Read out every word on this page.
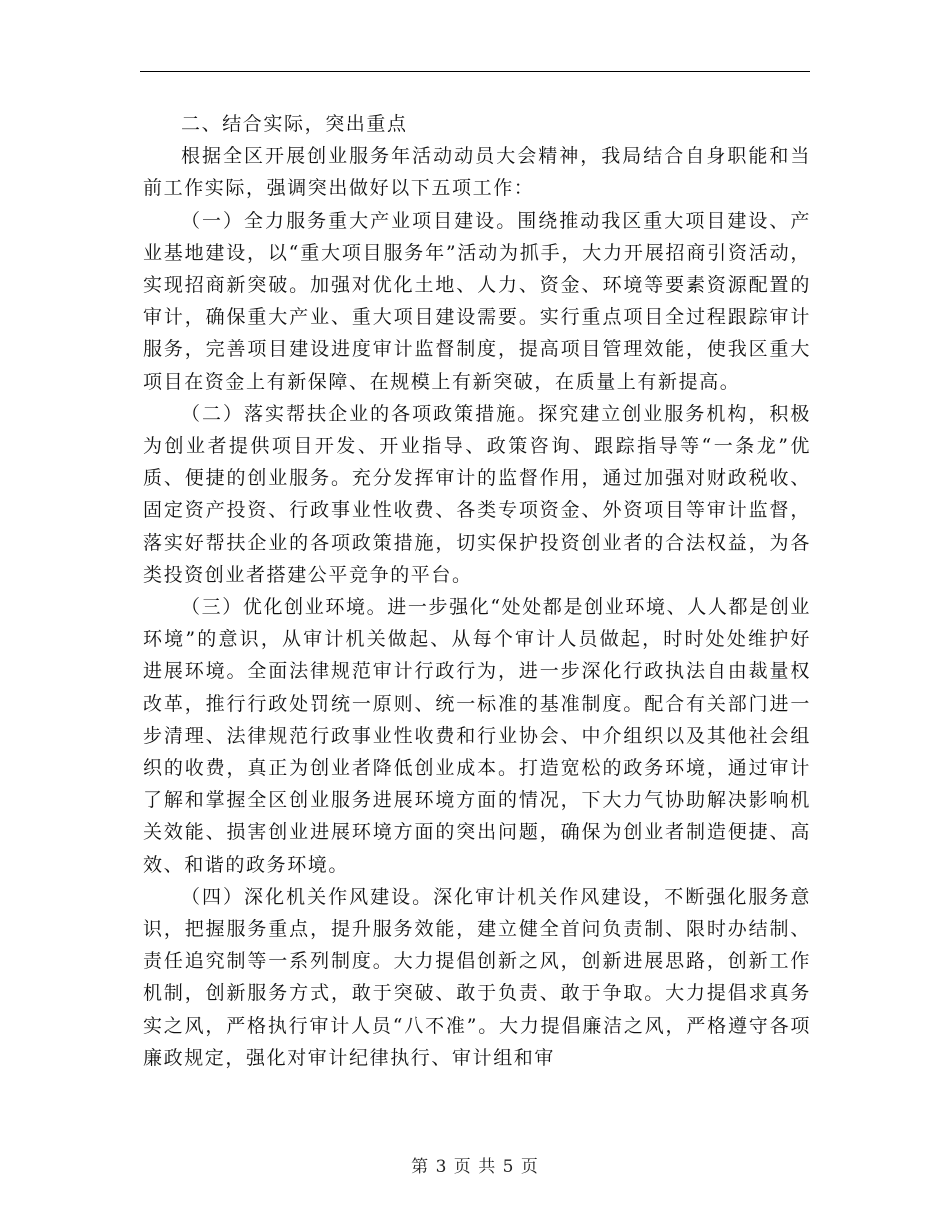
二、结合实际，突出重点

根据全区开展创业服务年活动动员大会精神，我局结合自身职能和当前工作实际，强调突出做好以下五项工作：

（一）全力服务重大产业项目建设。围绕推动我区重大项目建设、产业基地建设，以“重大项目服务年”活动为抓手，大力开展招商引资活动，实现招商新突破。加强对优化土地、人力、资金、环境等要素资源配置的审计，确保重大产业、重大项目建设需要。实行重点项目全过程跟踪审计服务，完善项目建设进度审计监督制度，提高项目管理效能，使我区重大项目在资金上有新保障、在规模上有新突破，在质量上有新提高。

（二）落实帮扶企业的各项政策措施。探究建立创业服务机构，积极为创业者提供项目开发、开业指导、政策咨询、跟踪指导等“一条龙”优质、便捷的创业服务。充分发挥审计的监督作用，通过加强对财政税收、固定资产投资、行政事业性收费、各类专项资金、外资项目等审计监督，落实好帮扶企业的各项政策措施，切实保护投资创业者的合法权益，为各类投资创业者搭建公平竞争的平台。

（三）优化创业环境。进一步强化“处处都是创业环境、人人都是创业环境”的意识，从审计机关做起、从每个审计人员做起，时时处处维护好进展环境。全面法律规范审计行政行为，进一步深化行政执法自由裁量权改革，推行行政处罚统一原则、统一标准的基准制度。配合有关部门进一步清理、法律规范行政事业性收费和行业协会、中介组织以及其他社会组织的收费，真正为创业者降低创业成本。打造宽松的政务环境，通过审计了解和掌握全区创业服务进展环境方面的情况，下大力气协助解决影响机关效能、损害创业进展环境方面的突出问题，确保为创业者制造便捷、高效、和谐的政务环境。

（四）深化机关作风建设。深化审计机关作风建设，不断强化服务意识，把握服务重点，提升服务效能，建立健全首问负责制、限时办结制、责任追究制等一系列制度。大力提倡创新之风，创新进展思路，创新工作机制，创新服务方式，敢于突破、敢于负责、敢于争取。大力提倡求真务实之风，严格执行审计人员“八不准”。大力提倡廉洁之风，严格遵守各项廉政规定，强化对审计纪律执行、审计组和审

第 3 页 共 5 页
